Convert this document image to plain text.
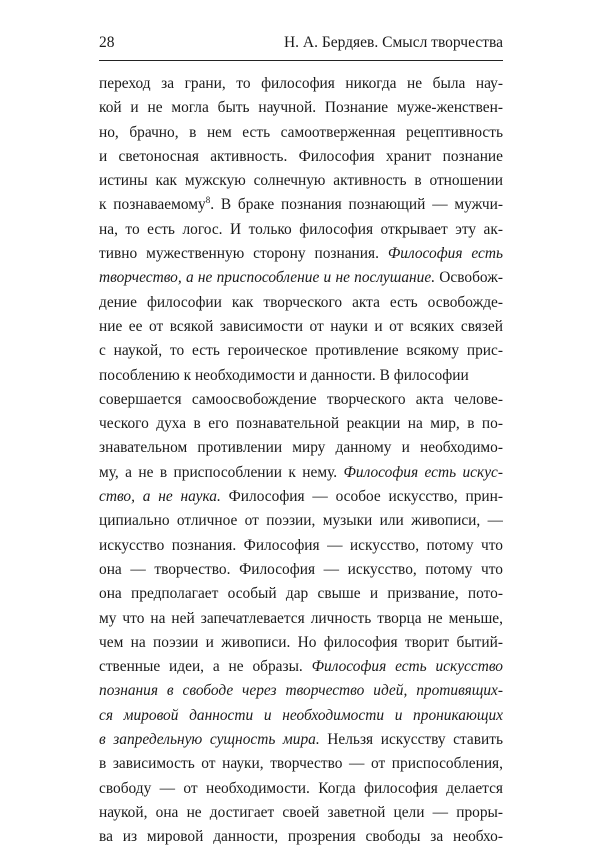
28	Н. А. Бердяев. Смысл творчества
переход за грани, то философия никогда не была нау-
кой и не могла быть научной. Познание муже-женствен-
но, брачно, в нем есть самоотверженная рецептивность
и светоносная активность. Философия хранит познание
истины как мужскую солнечную активность в отношении
к познаваемому$^8$. В браке познания познающий — мужчи-
на, то есть логос. И только философия открывает эту ак-
тивно мужественную сторону познания. Философия есть
творчество, а не приспособление и не послушание. Освобож-
дение философии как творческого акта есть освобожде-
ние ее от всякой зависимости от науки и от всяких связей
с наукой, то есть героическое противление всякому прис-
пособлению к необходимости и данности. В философии
совершается самоосвобождение творческого акта челове-
ческого духа в его познавательной реакции на мир, в по-
знавательном противлении миру данному и необходимо-
му, а не в приспособлении к нему. Философия есть искус-
ство, а не наука. Философия — особое искусство, прин-
ципиально отличное от поэзии, музыки или живописи, —
искусство познания. Философия — искусство, потому что
она — творчество. Философия — искусство, потому что
она предполагает особый дар свыше и призвание, пото-
му что на ней запечатлевается личность творца не меньше,
чем на поэзии и живописи. Но философия творит бытий-
ственные идеи, а не образы. Философия есть искусство
познания в свободе через творчество идей, противящих-
ся мировой данности и необходимости и проникающих
в запредельную сущность мира. Нельзя искусству ставить
в зависимость от науки, творчество — от приспособления,
свободу — от необходимости. Когда философия делается
наукой, она не достигает своей заветной цели — проры-
ва из мировой данности, прозрения свободы за необхо-
